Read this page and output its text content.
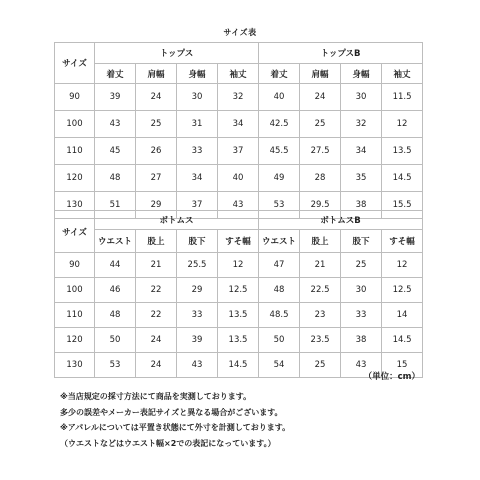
サイズ表
サイズ	トップス				トップスB			
	着丈	肩幅	身幅	袖丈	着丈	肩幅	身幅	袖丈
90	39	24	30	32	40	24	30	11.5
100	43	25	31	34	42.5	25	32	12
110	45	26	33	37	45.5	27.5	34	13.5
120	48	27	34	40	49	28	35	14.5
130	51	29	37	43	53	29.5	38	15.5
サイズ	ボトムス				ボトムスB			
	ウエスト	股上	股下	すそ幅	ウエスト	股上	股下	すそ幅
90	44	21	25.5	12	47	21	25	12
100	46	22	29	12.5	48	22.5	30	12.5
110	48	22	33	13.5	48.5	23	33	14
120	50	24	39	13.5	50	23.5	38	14.5
130	53	24	43	14.5	54	25	43	15
（単位：cm）
※当店規定の採寸方法にて商品を実測しております。
多少の誤差やメーカー表記サイズと異なる場合がございます。
※アパレルについては平置き状態にて外寸を計測しております。
（ウエストなどはウエスト幅×2での表記になっています。）
